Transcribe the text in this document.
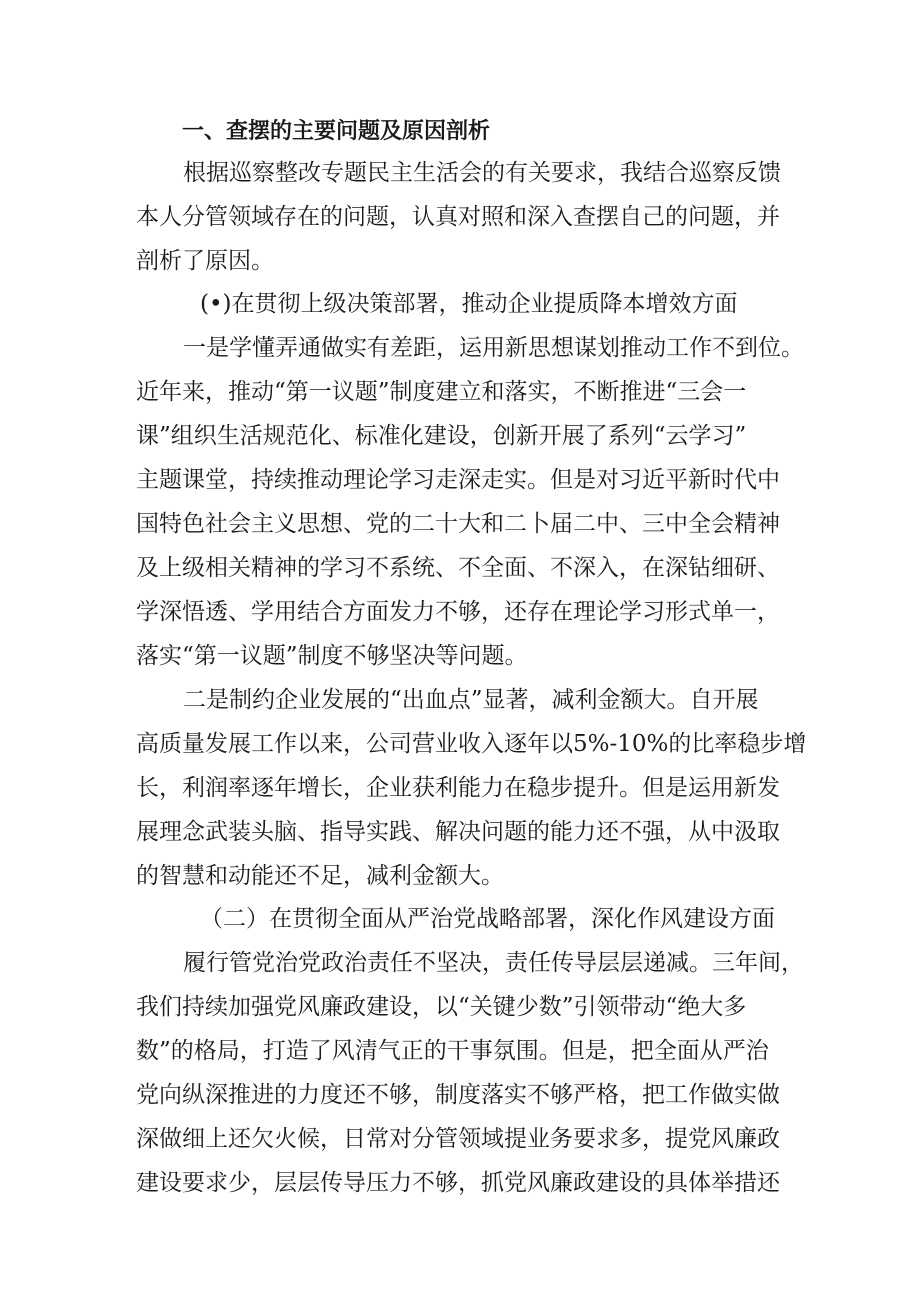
一、查摆的主要问题及原因剖析
根据巡察整改专题民主生活会的有关要求，我结合巡察反馈
本人分管领域存在的问题，认真对照和深入查摆自己的问题，并
剖析了原因。
(•)在贯彻上级决策部署，推动企业提质降本增效方面
一是学懂弄通做实有差距，运用新思想谋划推动工作不到位。
近年来，推动“第一议题”制度建立和落实，不断推进“三会一
课”组织生活规范化、标准化建设，创新开展了系列“云学习”
主题课堂，持续推动理论学习走深走实。但是对习近平新时代中
国特色社会主义思想、党的二十大和二卜届二中、三中全会精神
及上级相关精神的学习不系统、不全面、不深入，在深钻细研、
学深悟透、学用结合方面发力不够，还存在理论学习形式单一，
落实“第一议题”制度不够坚决等问题。
二是制约企业发展的“出血点”显著，减利金额大。自开展
高质量发展工作以来，公司营业收入逐年以5%-10%的比率稳步增
长，利润率逐年增长，企业获利能力在稳步提升。但是运用新发
展理念武装头脑、指导实践、解决问题的能力还不强，从中汲取
的智慧和动能还不足，减利金额大。
（二）在贯彻全面从严治党战略部署，深化作风建设方面
履行管党治党政治责任不坚决，责任传导层层递减。三年间，
我们持续加强党风廉政建设，以“关键少数”引领带动“绝大多
数”的格局，打造了风清气正的干事氛围。但是，把全面从严治
党向纵深推进的力度还不够，制度落实不够严格，把工作做实做
深做细上还欠火候，日常对分管领域提业务要求多，提党风廉政
建设要求少，层层传导压力不够，抓党风廉政建设的具体举措还
